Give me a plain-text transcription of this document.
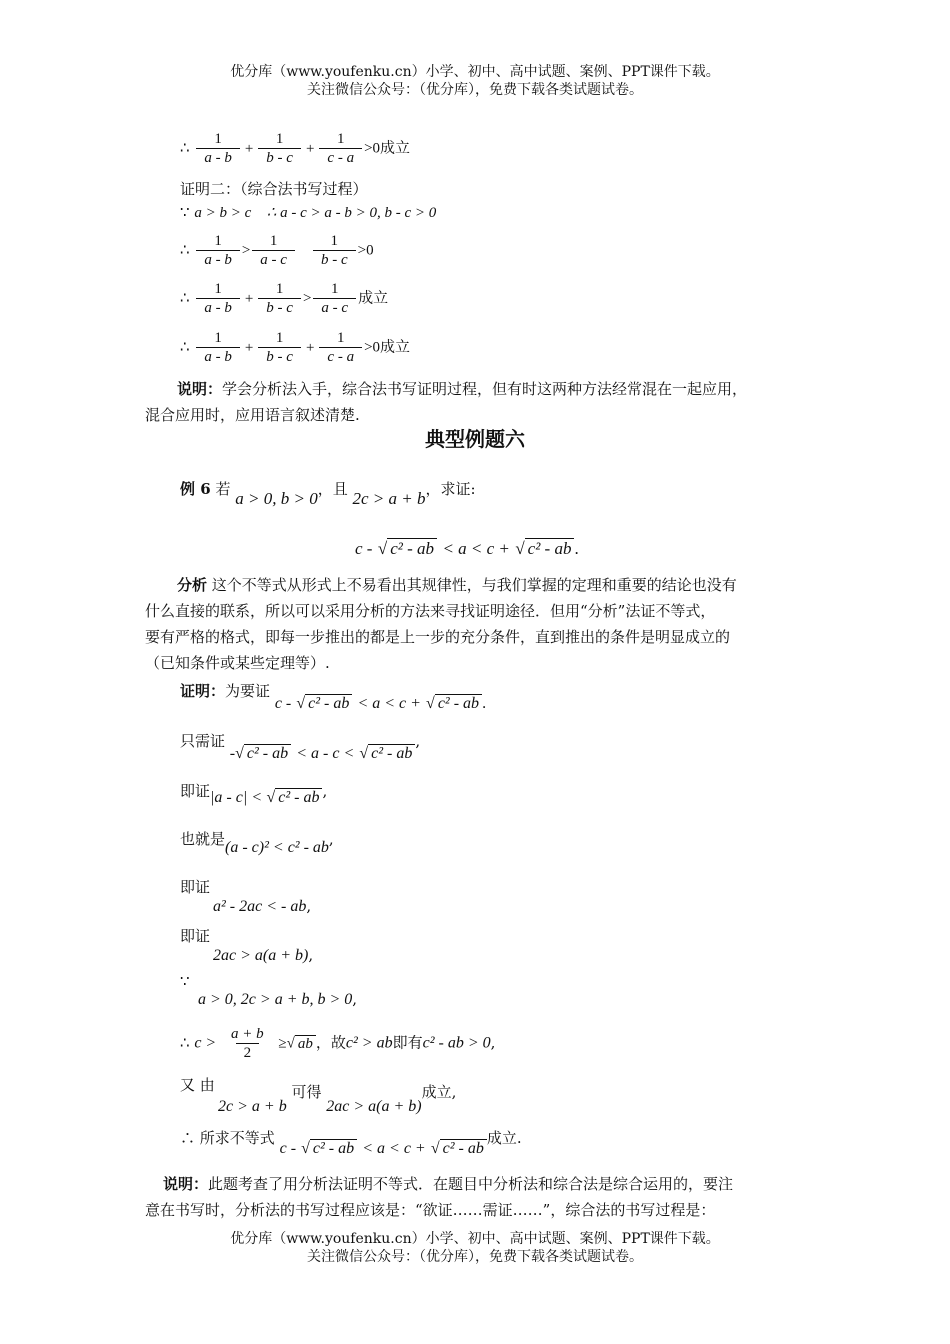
优分库（www.youfenku.cn）小学、初中、高中试题、案例、PPT课件下载。
关注微信公众号：（优分库），免费下载各类试题试卷。
∴ $\frac{1}{a - b} + \frac{1}{b - c} + \frac{1}{c - a} >0$成立
证明二：（综合法书写过程）
∵ a > b > c ∴ a - c > a - b > 0, b - c > 0
∴ $\frac{1}{a - b} > \frac{1}{a - c} \frac{1}{b - c} >0$
∴ $\frac{1}{a - b} + \frac{1}{b - c} > \frac{1}{a - c}$ 成立
∴ $\frac{1}{a - b} + \frac{1}{b - c} + \frac{1}{c - a} >0$成立
说明：学会分析法入手，综合法书写证明过程，但有时这两种方法经常混在一起应用，
混合应用时，应用语言叙述清楚.
典型例题六
例 6 若 a > 0, b > 0，且 2c > a + b，求证:
c - √ c² - ab < a < c + √ c² - ab .
分析 这个不等式从形式上不易看出其规律性，与我们掌握的定理和重要的结论也没有
什么直接的联系，所以可以采用分析的方法来寻找证明途径．但用“分析”法证不等式，
要有严格的格式，即每一步推出的都是上一步的充分条件，直到推出的条件是明显成立的
（已知条件或某些定理等）.
证明：为要证 c - √ c² - ab < a < c + √ c² - ab .
只需证 -√ c² - ab < a - c < √ c² - ab,
即证|a - c| < √ c² - ab ,
也就是(a - c)² < c² - ab,
即证
a² - 2ac < - ab,
即证
2ac > a(a + b),
∵
a > 0, 2c > a + b, b > 0,
∴ $c > \frac{a + b}{2}$ ≥√ ab ，故c² > ab即有c² - ab > 0,
又 由
2c > a + b 可得 2ac > a(a + b)成立,
∴ 所求不等式 c - √ c² - ab < a < c + √ c² - ab成立.
说明：此题考查了用分析法证明不等式．在题目中分析法和综合法是综合运用的，要注
意在书写时，分析法的书写过程应该是：“欲证……需证……”，综合法的书写过程是：
优分库（www.youfenku.cn）小学、初中、高中试题、案例、PPT课件下载。
关注微信公众号：（优分库），免费下载各类试题试卷。
